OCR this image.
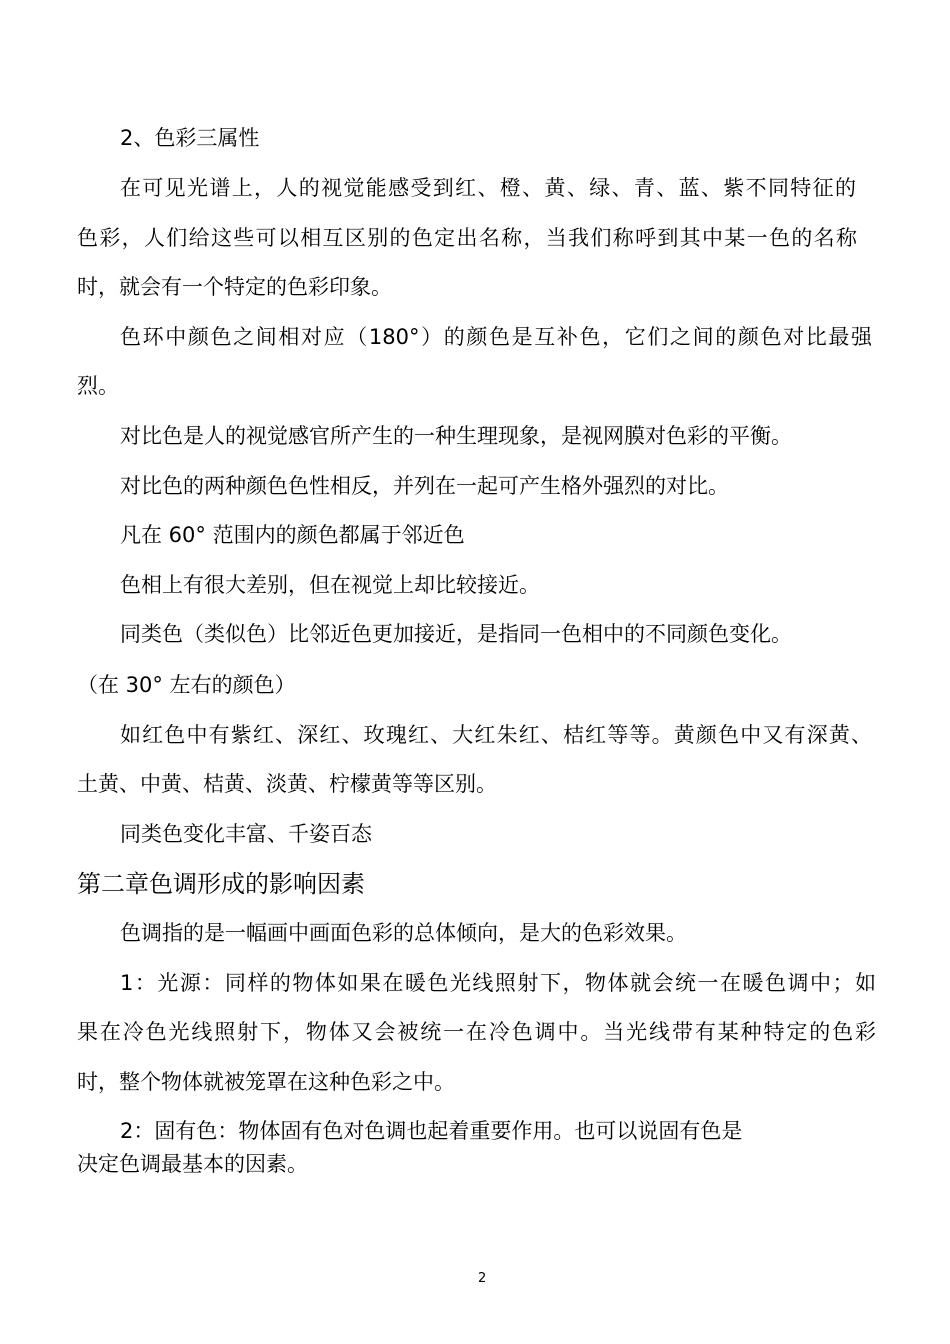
2、色彩三属性

在可见光谱上，人的视觉能感受到红、橙、黄、绿、青、蓝、紫不同特征的

色彩，人们给这些可以相互区别的色定出名称，当我们称呼到其中某一色的名称

时，就会有一个特定的色彩印象。

色环中颜色之间相对应（180°）的颜色是互补色，它们之间的颜色对比最强

烈。

对比色是人的视觉感官所产生的一种生理现象，是视网膜对色彩的平衡。

对比色的两种颜色色性相反，并列在一起可产生格外强烈的对比。

凡在 60° 范围内的颜色都属于邻近色

色相上有很大差别，但在视觉上却比较接近。

同类色（类似色）比邻近色更加接近，是指同一色相中的不同颜色变化。

（在 30° 左右的颜色）

如红色中有紫红、深红、玫瑰红、大红朱红、桔红等等。黄颜色中又有深黄、

土黄、中黄、桔黄、淡黄、柠檬黄等等区别。

同类色变化丰富、千姿百态

第二章色调形成的影响因素

色调指的是一幅画中画面色彩的总体倾向，是大的色彩效果。

1：光源：同样的物体如果在暖色光线照射下，物体就会统一在暖色调中；如

果在冷色光线照射下，物体又会被统一在冷色调中。当光线带有某种特定的色彩

时，整个物体就被笼罩在这种色彩之中。

2：固有色：物体固有色对色调也起着重要作用。也可以说固有色是

决定色调最基本的因素。

2
